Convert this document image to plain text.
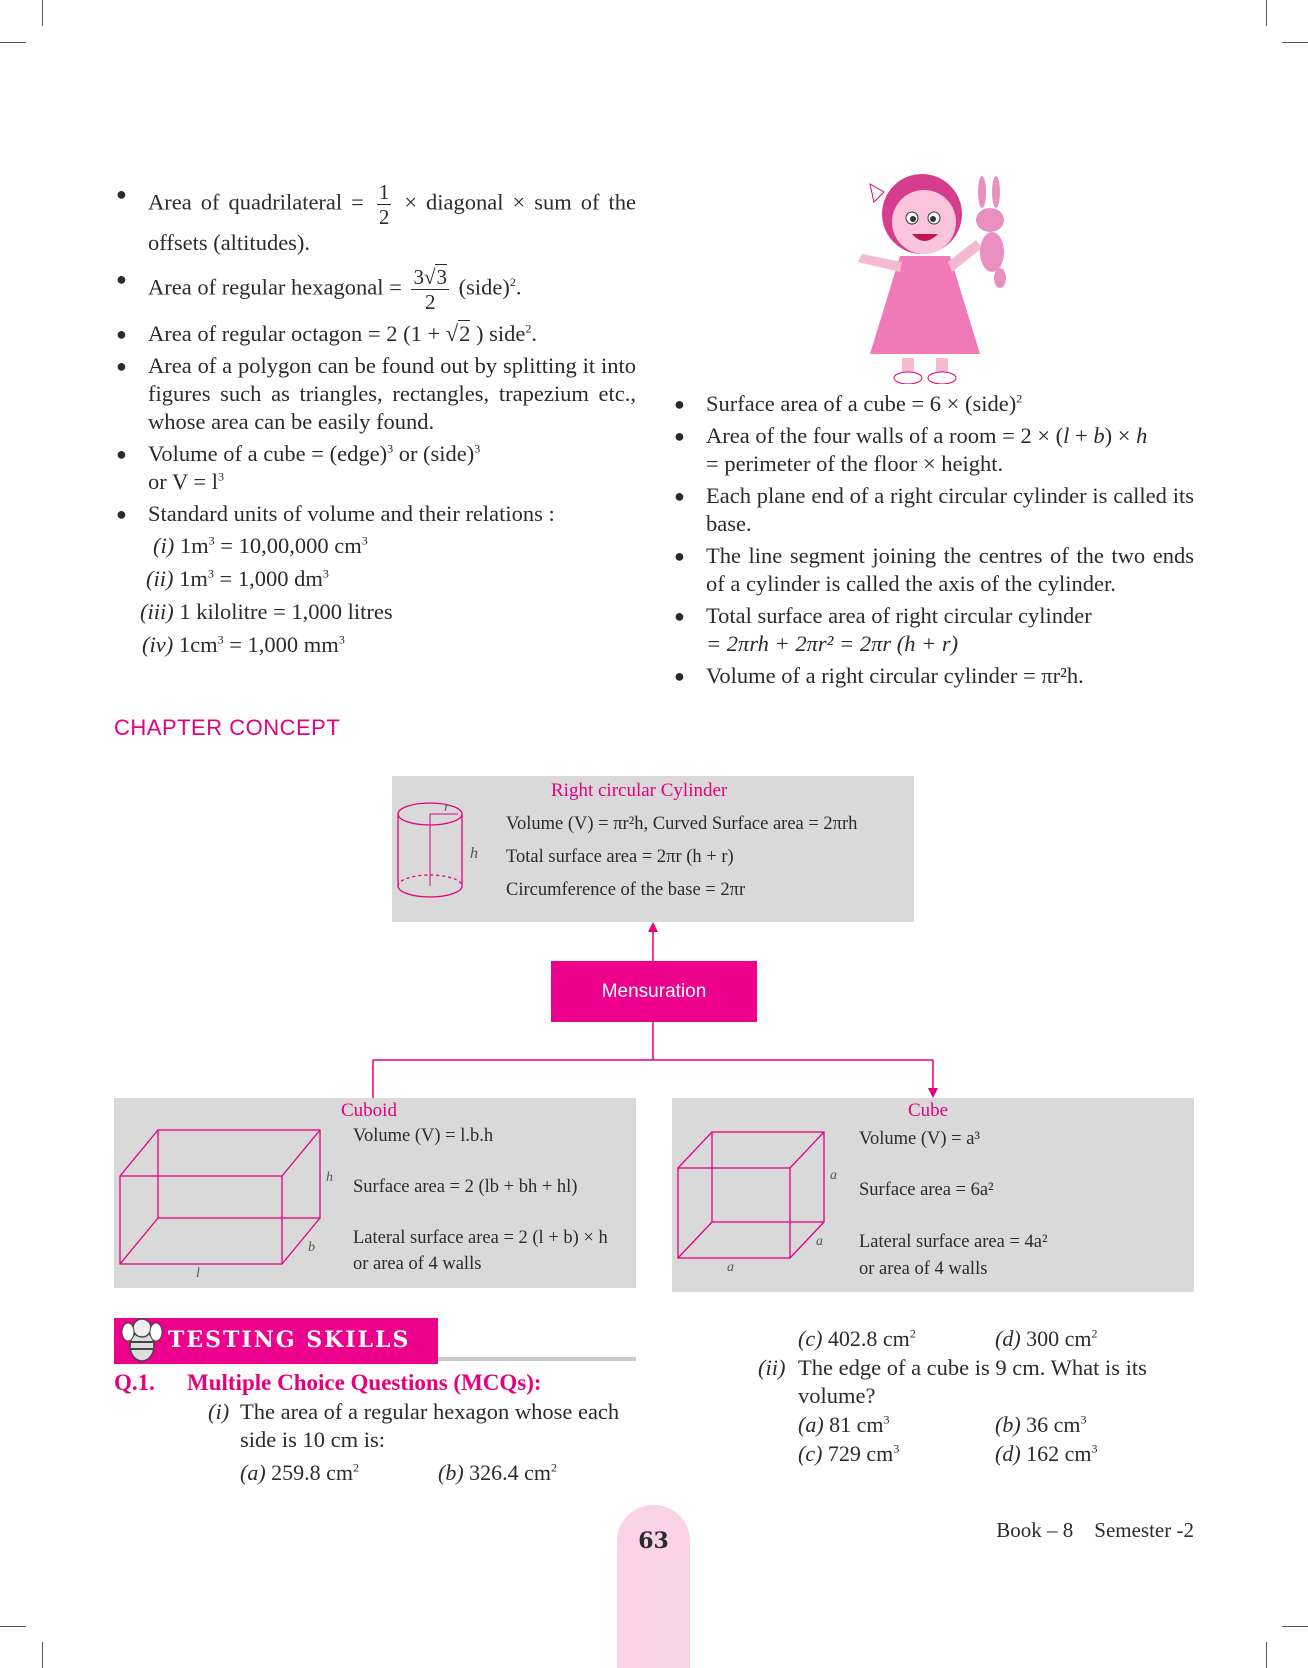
● Area of quadrilateral = $\frac{1}{2}$ × diagonal × sum of the offsets (altitudes).
● Area of regular hexagonal = $\frac{3√3}{2}$ (side)$^2$.
● Area of regular octagon = 2 (1 + √2 ) side$^2$.
● Area of a polygon can be found out by splitting it into figures such as triangles, rectangles, trapezium etc., whose area can be easily found.
● Volume of a cube = (edge)$^3$ or (side)$^3$
or $V = l^3$
● Standard units of volume and their relations :
(i) $1m^3 = 10,00,000$ $cm^3$
(ii) $1m^3 = 1,000$ $dm^3$
(iii) 1 kilolitre = 1,000 litres
(iv) $1cm^3 = 1,000$ $mm^3$
● Surface area of a cube = 6 × (side)$^2$
● Area of the four walls of a room = 2 × (l + b) × h
= perimeter of the floor × height.
● Each plane end of a right circular cylinder is called its base.
● The line segment joining the centres of the two ends of a cylinder is called the axis of the cylinder.
● Total surface area of right circular cylinder
= 2πrh + 2πr² = 2πr (h + r)
● Volume of a right circular cylinder = πr²h.
CHAPTER CONCEPT
Right circular Cylinder
r
h
Volume (V) = πr²h, Curved Surface area = 2πrh
Total surface area = 2πr (h + r)
Circumference of the base = 2πr
Mensuration
Cuboid
h
b
l
Volume (V) = l.b.h
Surface area = 2 (lb + bh + hl)
Lateral surface area = 2 (l + b) × h
or area of 4 walls
Cube
a
a
a
Volume (V) = a³
Surface area = 6a²
Lateral surface area = 4a²
or area of 4 walls
TESTING SKILLS
Q.1. Multiple Choice Questions (MCQs):
(i) The area of a regular hexagon whose each side is 10 cm is:
(a) 259.8 $cm^2$	(b) 326.4 $cm^2$
(c) 402.8 $cm^2$	(d) 300 $cm^2$
(ii) The edge of a cube is 9 cm. What is its volume?
(a) 81 $cm^3$	(b) 36 $cm^3$
(c) 729 $cm^3$	(d) 162 $cm^3$
63	Book – 8    Semester -2
